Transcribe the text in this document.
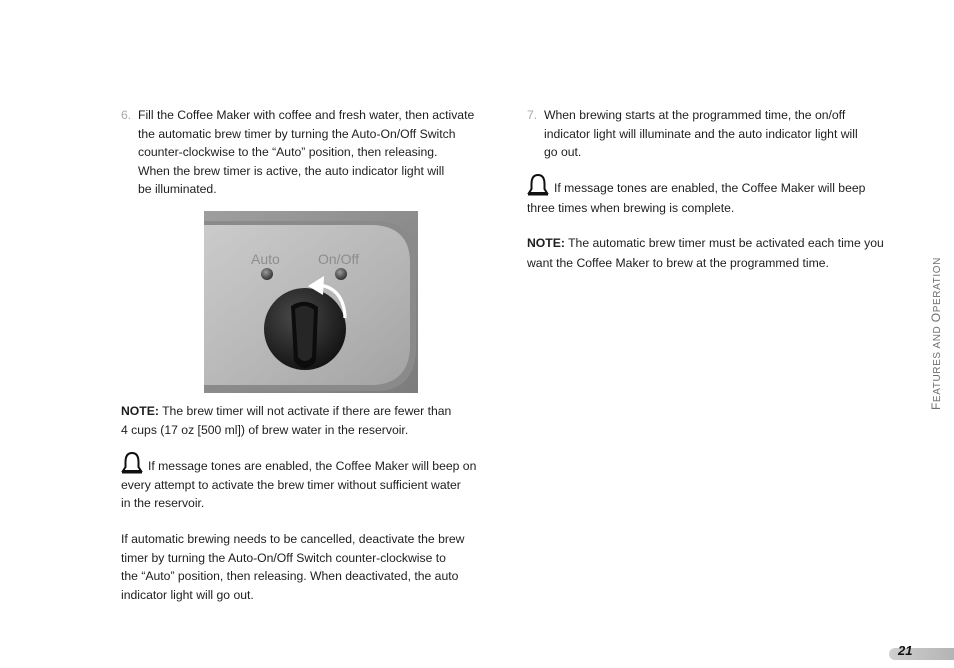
6. Fill the Coffee Maker with coffee and fresh water, then activate
the automatic brew timer by turning the Auto-On/Off Switch
counter-clockwise to the “Auto” position, then releasing.
When the brew timer is active, the auto indicator light will
be illuminated.
Auto	On/Off
NOTE: The brew timer will not activate if there are fewer than
4 cups (17 oz [500 ml]) of brew water in the reservoir.
If message tones are enabled, the Coffee Maker will beep on
every attempt to activate the brew timer without sufficient water
in the reservoir.
If automatic brewing needs to be cancelled, deactivate the brew
timer by turning the Auto-On/Off Switch counter-clockwise to
the “Auto” position, then releasing. When deactivated, the auto
indicator light will go out.
7. When brewing starts at the programmed time, the on/off
indicator light will illuminate and the auto indicator light will
go out.
If message tones are enabled, the Coffee Maker will beep
three times when brewing is complete.
NOTE: The automatic brew timer must be activated each time you
want the Coffee Maker to brew at the programmed time.
FEATURES AND OPERATION
21
